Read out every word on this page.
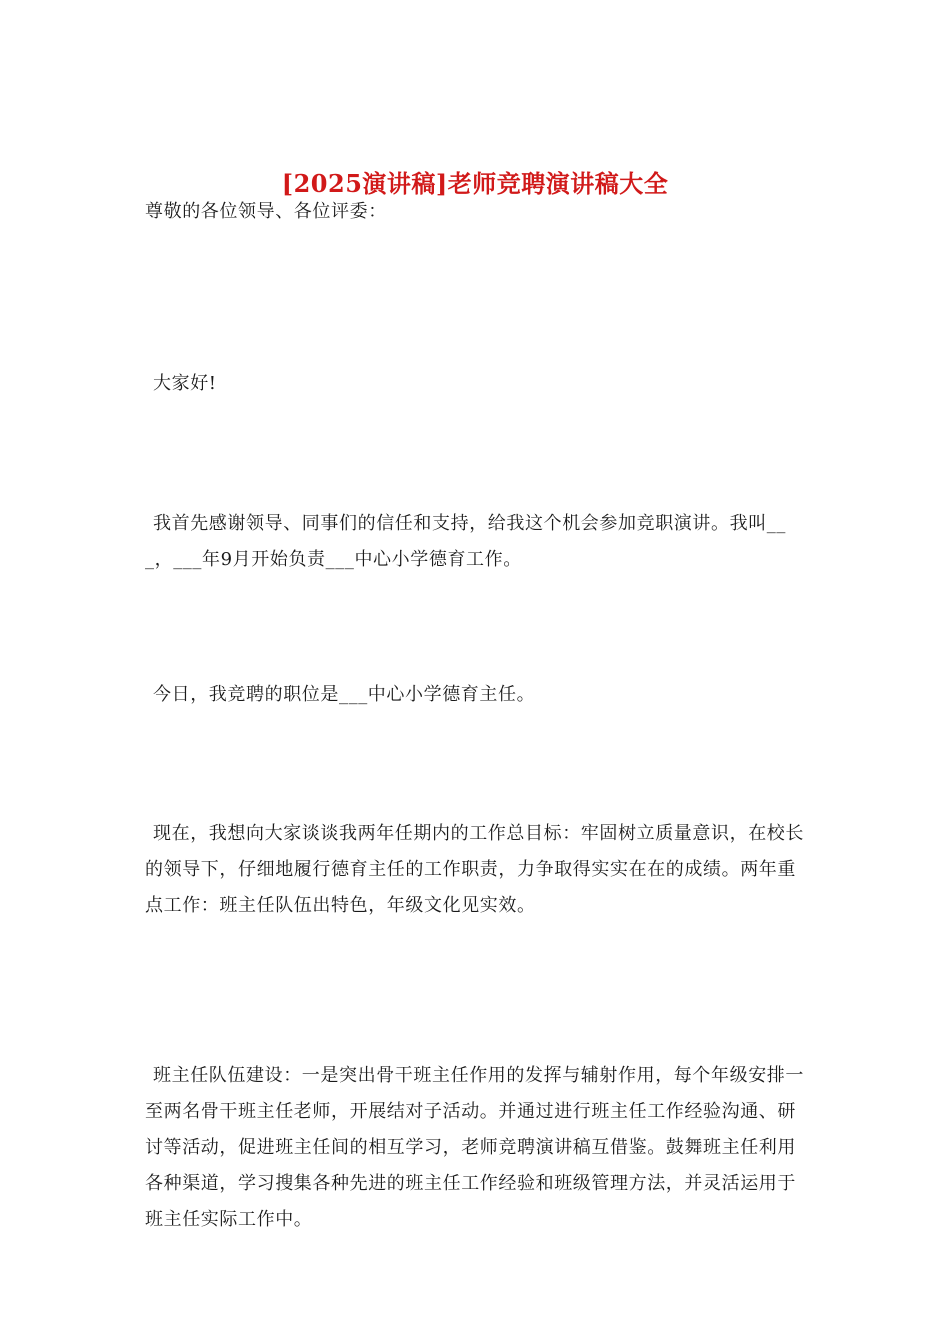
[2025演讲稿]老师竞聘演讲稿大全

尊敬的各位领导、各位评委：

大家好!

我首先感谢领导、同事们的信任和支持，给我这个机会参加竞职演讲。我叫___，___年9月开始负责___中心小学德育工作。

今日，我竞聘的职位是___中心小学德育主任。

现在，我想向大家谈谈我两年任期内的工作总目标：牢固树立质量意识，在校长的领导下，仔细地履行德育主任的工作职责，力争取得实实在在的成绩。两年重点工作：班主任队伍出特色，年级文化见实效。

班主任队伍建设：一是突出骨干班主任作用的发挥与辅射作用，每个年级安排一至两名骨干班主任老师，开展结对子活动。并通过进行班主任工作经验沟通、研讨等活动，促进班主任间的相互学习，老师竞聘演讲稿互借鉴。鼓舞班主任利用各种渠道，学习搜集各种先进的班主任工作经验和班级管理方法，并灵活运用于班主任实际工作中。
